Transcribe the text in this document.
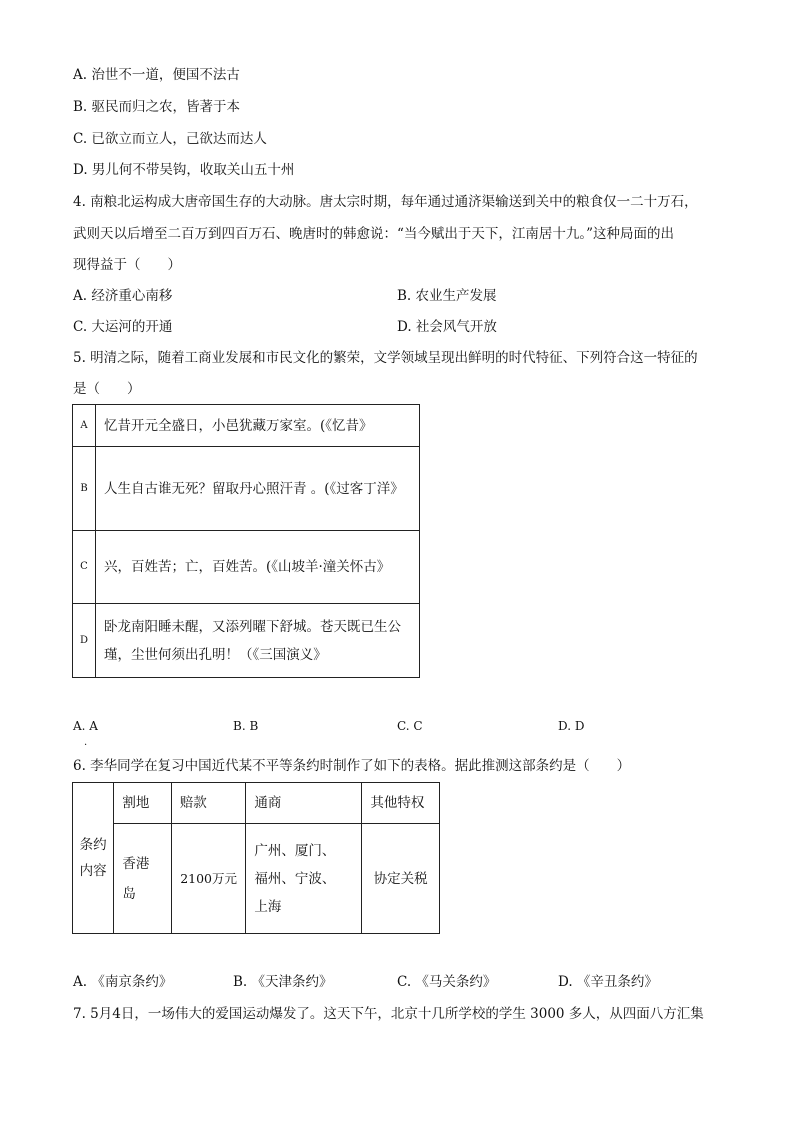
A. 治世不一道，便国不法古
B. 驱民而归之农，皆著于本
C. 已欲立而立人，己欲达而达人
D. 男儿何不带吴钩，收取关山五十州
4. 南粮北运构成大唐帝国生存的大动脉。唐太宗时期，每年通过通济渠输送到关中的粮食仅一二十万石，
武则天以后增至二百万到四百万石、晚唐时的韩愈说：“当今赋出于天下，江南居十九。”这种局面的出
现得益于（　　）
A. 经济重心南移	B. 农业生产发展
C. 大运河的开通	D. 社会风气开放
5. 明清之际，随着工商业发展和市民文化的繁荣，文学领域呈现出鲜明的时代特征、下列符合这一特征的
是（　　）
A	忆昔开元全盛日，小邑犹藏万家室。(《忆昔》
B	人生自古谁无死？留取丹心照汗青 。(《过客丁洋》
C	兴，百姓苦；亡，百姓苦。(《山坡羊·潼关怀古》
D	卧龙南阳睡未醒，又添列曜下舒城。苍天既已生公瑾，尘世何须出孔明！（《三国演义》
A. A	B. B	C. C	D. D
.
6. 李华同学在复习中国近代某不平等条约时制作了如下的表格。据此推测这部条约是（　　）
条约内容	割地	赔款	通商	其他特权
	香港岛	2100万元	广州、厦门、福州、宁波、上海	协定关税
A. 《南京条约》	B. 《天津条约》	C. 《马关条约》	D. 《辛丑条约》
7. 5月4日，一场伟大的爱国运动爆发了。这天下午，北京十几所学校的学生 3000 多人，从四面八方汇集
